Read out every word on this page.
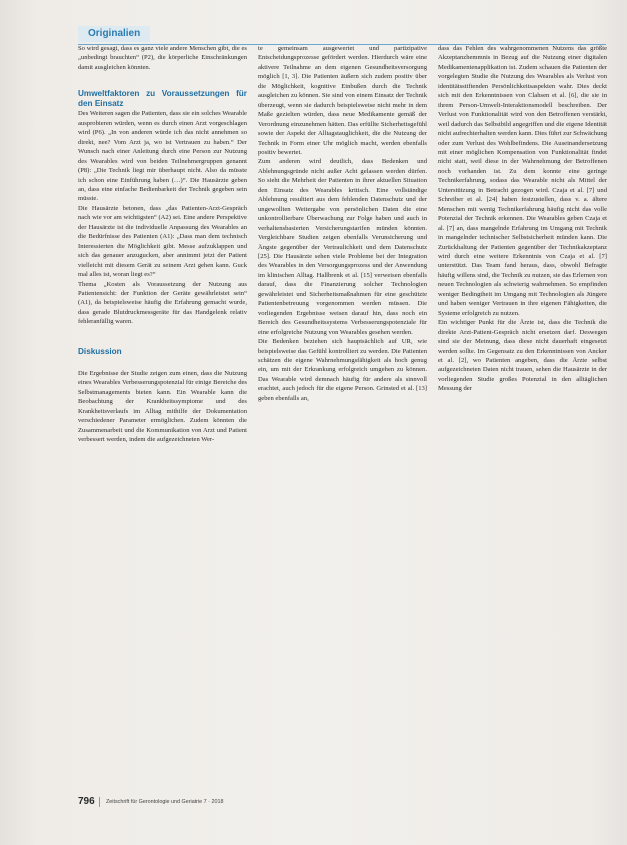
Originalien

So wird gesagt, dass es ganz viele andere Menschen gibt, die es „unbedingt brauchten“ (P2), die körperliche Einschränkungen damit ausgleichen könnten.

Umweltfaktoren zu Voraussetzungen für den Einsatz

Des Weiteren sagen die Patienten, dass sie ein solches Wearable ausprobieren würden, wenn es durch einen Arzt vorgeschlagen wird (P6). „In von anderen würde ich das nicht annehmen so direkt, nee? Vom Arzt ja, wo ist Vertrauen zu haben.“ Der Wunsch nach einer Anleitung durch eine Person zur Nutzung des Wearables wird von beiden Teilnehmergruppen genannt (P8): „Die Technik liegt mir überhaupt nicht. Also da müsste ich schon eine Einführung haben (…)“. Die Hausärzte geben an, dass eine einfache Bedienbarkeit der Technik gegeben sein müsste.

Die Hausärzte betonen, dass „das Patienten-Arzt-Gespräch nach wie vor am wichtigsten“ (A2) sei. Eine andere Perspektive der Hausärzte ist die individuelle Anpassung des Wearables an die Bedürfnisse des Patienten (A1): „Dass man dem technisch Interessierten die Möglichkeit gibt. Messe aufzuklappen und sich das genauer anzugucken, aber annimmt jetzt der Patient vielleicht mit diesem Gerät zu seinem Arzt gehen kann. Guck mal alles ist, woran liegt es?“

Thema „Kosten als Voraussetzung der Nutzung aus Patientensicht: der Funktion der Geräte gewährleistet sein“ (A1), da beispielsweise häufig die Erfahrung gemacht wurde, dass gerade Blutdruckmessgeräte für das Handgelenk relativ fehleranfällig waren.

Diskussion

Die Ergebnisse der Studie zeigen zum einen, dass die Nutzung eines Wearables Verbesserungspotenzial für einige Bereiche des Selbstmanagements bieten kann. Ein Wearable kann die Beobachtung der Krankheitssymptome und des Krankheitsverlaufs im Alltag mithilfe der Dokumentation verschiedener Parameter ermöglichen. Zudem könnten die Zusammenarbeit und die Kommunikation von Arzt und Patient verbessert werden, indem die aufgezeichneten Wer-

te gemeinsam ausgewertet und partizipative Entscheidungsprozesse gefördert werden. Hierdurch wäre eine aktivere Teilnahme an dem eigenen Gesundheitsversorgung möglich [1, 3]. Die Patienten äußern sich zudem positiv über die Möglichkeit, kognitive Einbußen durch die Technik ausgleichen zu können. Sie sind von einem Einsatz der Technik überzeugt, wenn sie dadurch beispielsweise nicht mehr in dem Maße gezielten würden, dass neue Medikamente gemäß der Verordnung einzunehmen hätten. Das erfüllte Sicherheitsgefühl sowie der Aspekt der Alltagstauglichkeit, die die Nutzung der Technik in Form einer Uhr möglich macht, werden ebenfalls positiv bewertet.

Zum anderen wird deutlich, dass Bedenken und Ablehnungsgründe nicht außer Acht gelassen werden dürfen. So sieht die Mehrheit der Patienten in ihrer aktuellen Situation den Einsatz des Wearables kritisch. Eine vollständige Ablehnung resultiert aus dem fehlenden Datenschutz und der ungewollten Weitergabe von persönlichen Daten die eine unkontrollierbare Überwachung zur Folge haben und auch in verhaltensbasierten Versicherungstarifen münden könnten. Vergleichbare Studien zeigen ebenfalls Verunsicherung und Ängste gegenüber der Vertraulichkeit und dem Datenschutz [25]. Die Hausärzte sehen viele Probleme bei der Integration des Wearables in den Versorgungsprozess und der Anwendung im klinischen Alltag. Hallbrenk et al. [15] verweisen ebenfalls darauf, dass die Finanzierung solcher Technologien gewährleistet und Sicherheitsmaßnahmen für eine geschützte Patientenbetreuung vorgenommen werden müssen. Die vorliegenden Ergebnisse weisen darauf hin, dass noch ein Bereich des Gesundheitssystems Verbesserungspotenziale für eine erfolgreiche Nutzung von Wearables gesehen werden.

Die Bedenken beziehen sich hauptsächlich auf UR, wie beispielsweise das Gefühl kontrolliert zu werden. Die Patienten schätzen die eigene Wahrnehmungsfähigkeit als hoch genug ein, um mit der Erkrankung erfolgreich umgehen zu können. Das Wearable wird demnach häufig für andere als sinnvoll erachtet, auch jedoch für die eigene Person. Grinsted et al. [13] geben ebenfalls an,

dass das Fehlen des wahrgenommenen Nutzens das größte Akzeptanzhemmnis in Bezug auf die Nutzung einer digitalen Medikamentenapplikation ist. Zudem schauen die Patienten der vorgelegten Studie die Nutzung des Wearables als Verlust von identitätsstiftenden Persönlichkeitsaspekten wahr. Dies deckt sich mit den Erkenntnissen von Clahsen et al. [6], die sie in ihrem Person-Umwelt-Interaktionsmodell beschreiben. Der Verlust von Funktionalität wird von den Betroffenen verstärkt, weil dadurch das Selbstbild angegriffen und die eigene Identität nicht aufrechterhalten werden kann. Dies führt zur Schwächung oder zum Verlust des Wohlbefindens. Die Auseinandersetzung mit einer möglichen Kompensation von Funktionalität findet nicht statt, weil diese in der Wahrnehmung der Betroffenen noch vorhanden ist. Zu dem konnte eine geringe Technikerfahrung, sodass das Wearable nicht als Mittel der Unterstützung in Betracht gezogen wird. Czaja et al. [7] und Schreiber et al. [24] haben festzustellen, dass v. a. ältere Menschen mit wenig Technikerfahrung häufig nicht das volle Potenzial der Technik erkennen. Die Wearables geben Czaja et al. [7] an, dass mangelnde Erfahrung im Umgang mit Technik in mangelnder technischer Selbstsicherheit münden kann. Die Zurückhaltung der Patienten gegenüber der Technikakzeptanz wird durch eine weitere Erkenntnis von Czaja et al. [7] unterstützt. Das Team fand heraus, dass, obwohl Befragte häufig willens sind, die Technik zu nutzen, sie das Erlernen von neuen Technologien als schwierig wahrnehmen. So empfinden weniger Bedingtheit im Umgang mit Technologien als Jüngere und haben weniger Vertrauen in ihre eigenen Fähigkeiten, die Systeme erfolgreich zu nutzen.

Ein wichtiger Punkt für die Ärzte ist, dass die Technik die direkte Arzt-Patient-Gespräch nicht ersetzen darf. Deswegen sind sie der Meinung, dass diese nicht dauerhaft eingesetzt werden sollte. Im Gegensatz zu den Erkenntnissen von Ancker et al. [2], wo Patienten angeben, dass die Ärzte selbst aufgezeichneten Daten nicht trauen, sehen die Hausärzte in der vorliegenden Studie großes Potenzial in den alltäglichen Messung der

796 Zeitschrift für Gerontologie und Geriatrie 7 · 2018
